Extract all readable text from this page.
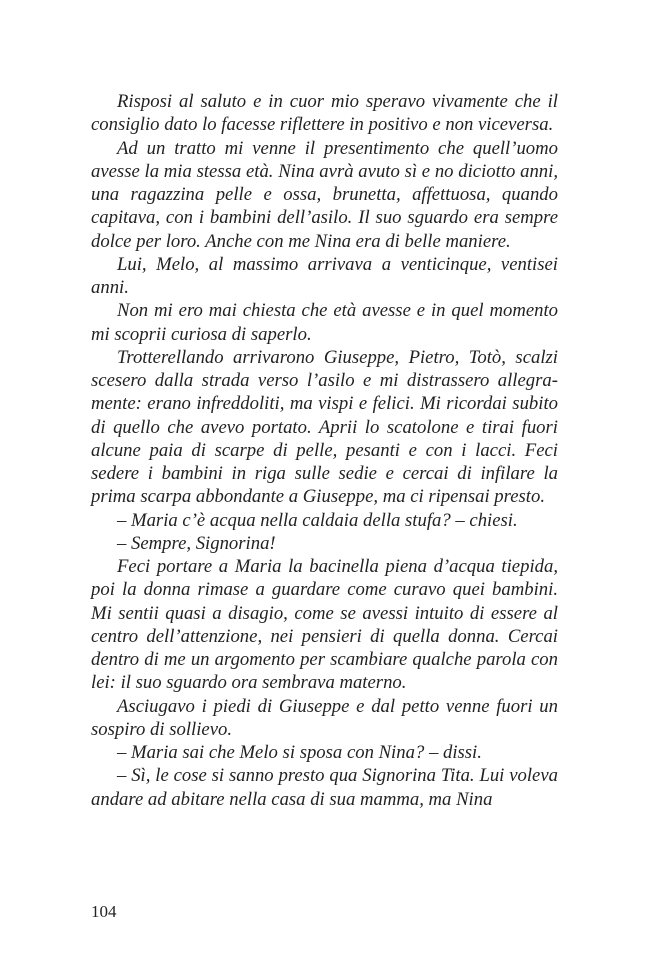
Risposi al saluto e in cuor mio speravo vivamente che il consiglio dato lo facesse riflettere in positivo e non viceversa.

Ad un tratto mi venne il presentimento che quell’uomo avesse la mia stessa età. Nina avrà avuto sì e no diciotto anni, una ragazzina pelle e ossa, brunetta, affettuosa, quando capitava, con i bambini dell’asilo. Il suo sguardo era sempre dolce per loro. Anche con me Nina era di belle maniere.

Lui, Melo, al massimo arrivava a venticinque, ventisei anni.

Non mi ero mai chiesta che età avesse e in quel momento mi scoprii curiosa di saperlo.

Trotterellando arrivarono Giuseppe, Pietro, Totò, scalzi scesero dalla strada verso l’asilo e mi distrassero allegramente: erano infreddoliti, ma vispi e felici. Mi ricordai subito di quello che avevo portato. Aprii lo scatolone e tirai fuori alcune paia di scarpe di pelle, pesanti e con i lacci. Feci sedere i bambini in riga sulle sedie e cercai di infilare la prima scarpa abbondante a Giuseppe, ma ci ripensai presto.

– Maria c’è acqua nella caldaia della stufa? – chiesi.

– Sempre, Signorina!

Feci portare a Maria la bacinella piena d’acqua tiepida, poi la donna rimase a guardare come curavo quei bambini. Mi sentii quasi a disagio, come se avessi intuito di essere al centro dell’attenzione, nei pensieri di quella donna. Cercai dentro di me un argomento per scambiare qualche parola con lei: il suo sguardo ora sembrava materno.

Asciugavo i piedi di Giuseppe e dal petto venne fuori un sospiro di sollievo.

– Maria sai che Melo si sposa con Nina? – dissi.

– Sì, le cose si sanno presto qua Signorina Tita. Lui voleva andare ad abitare nella casa di sua mamma, ma Nina

104
